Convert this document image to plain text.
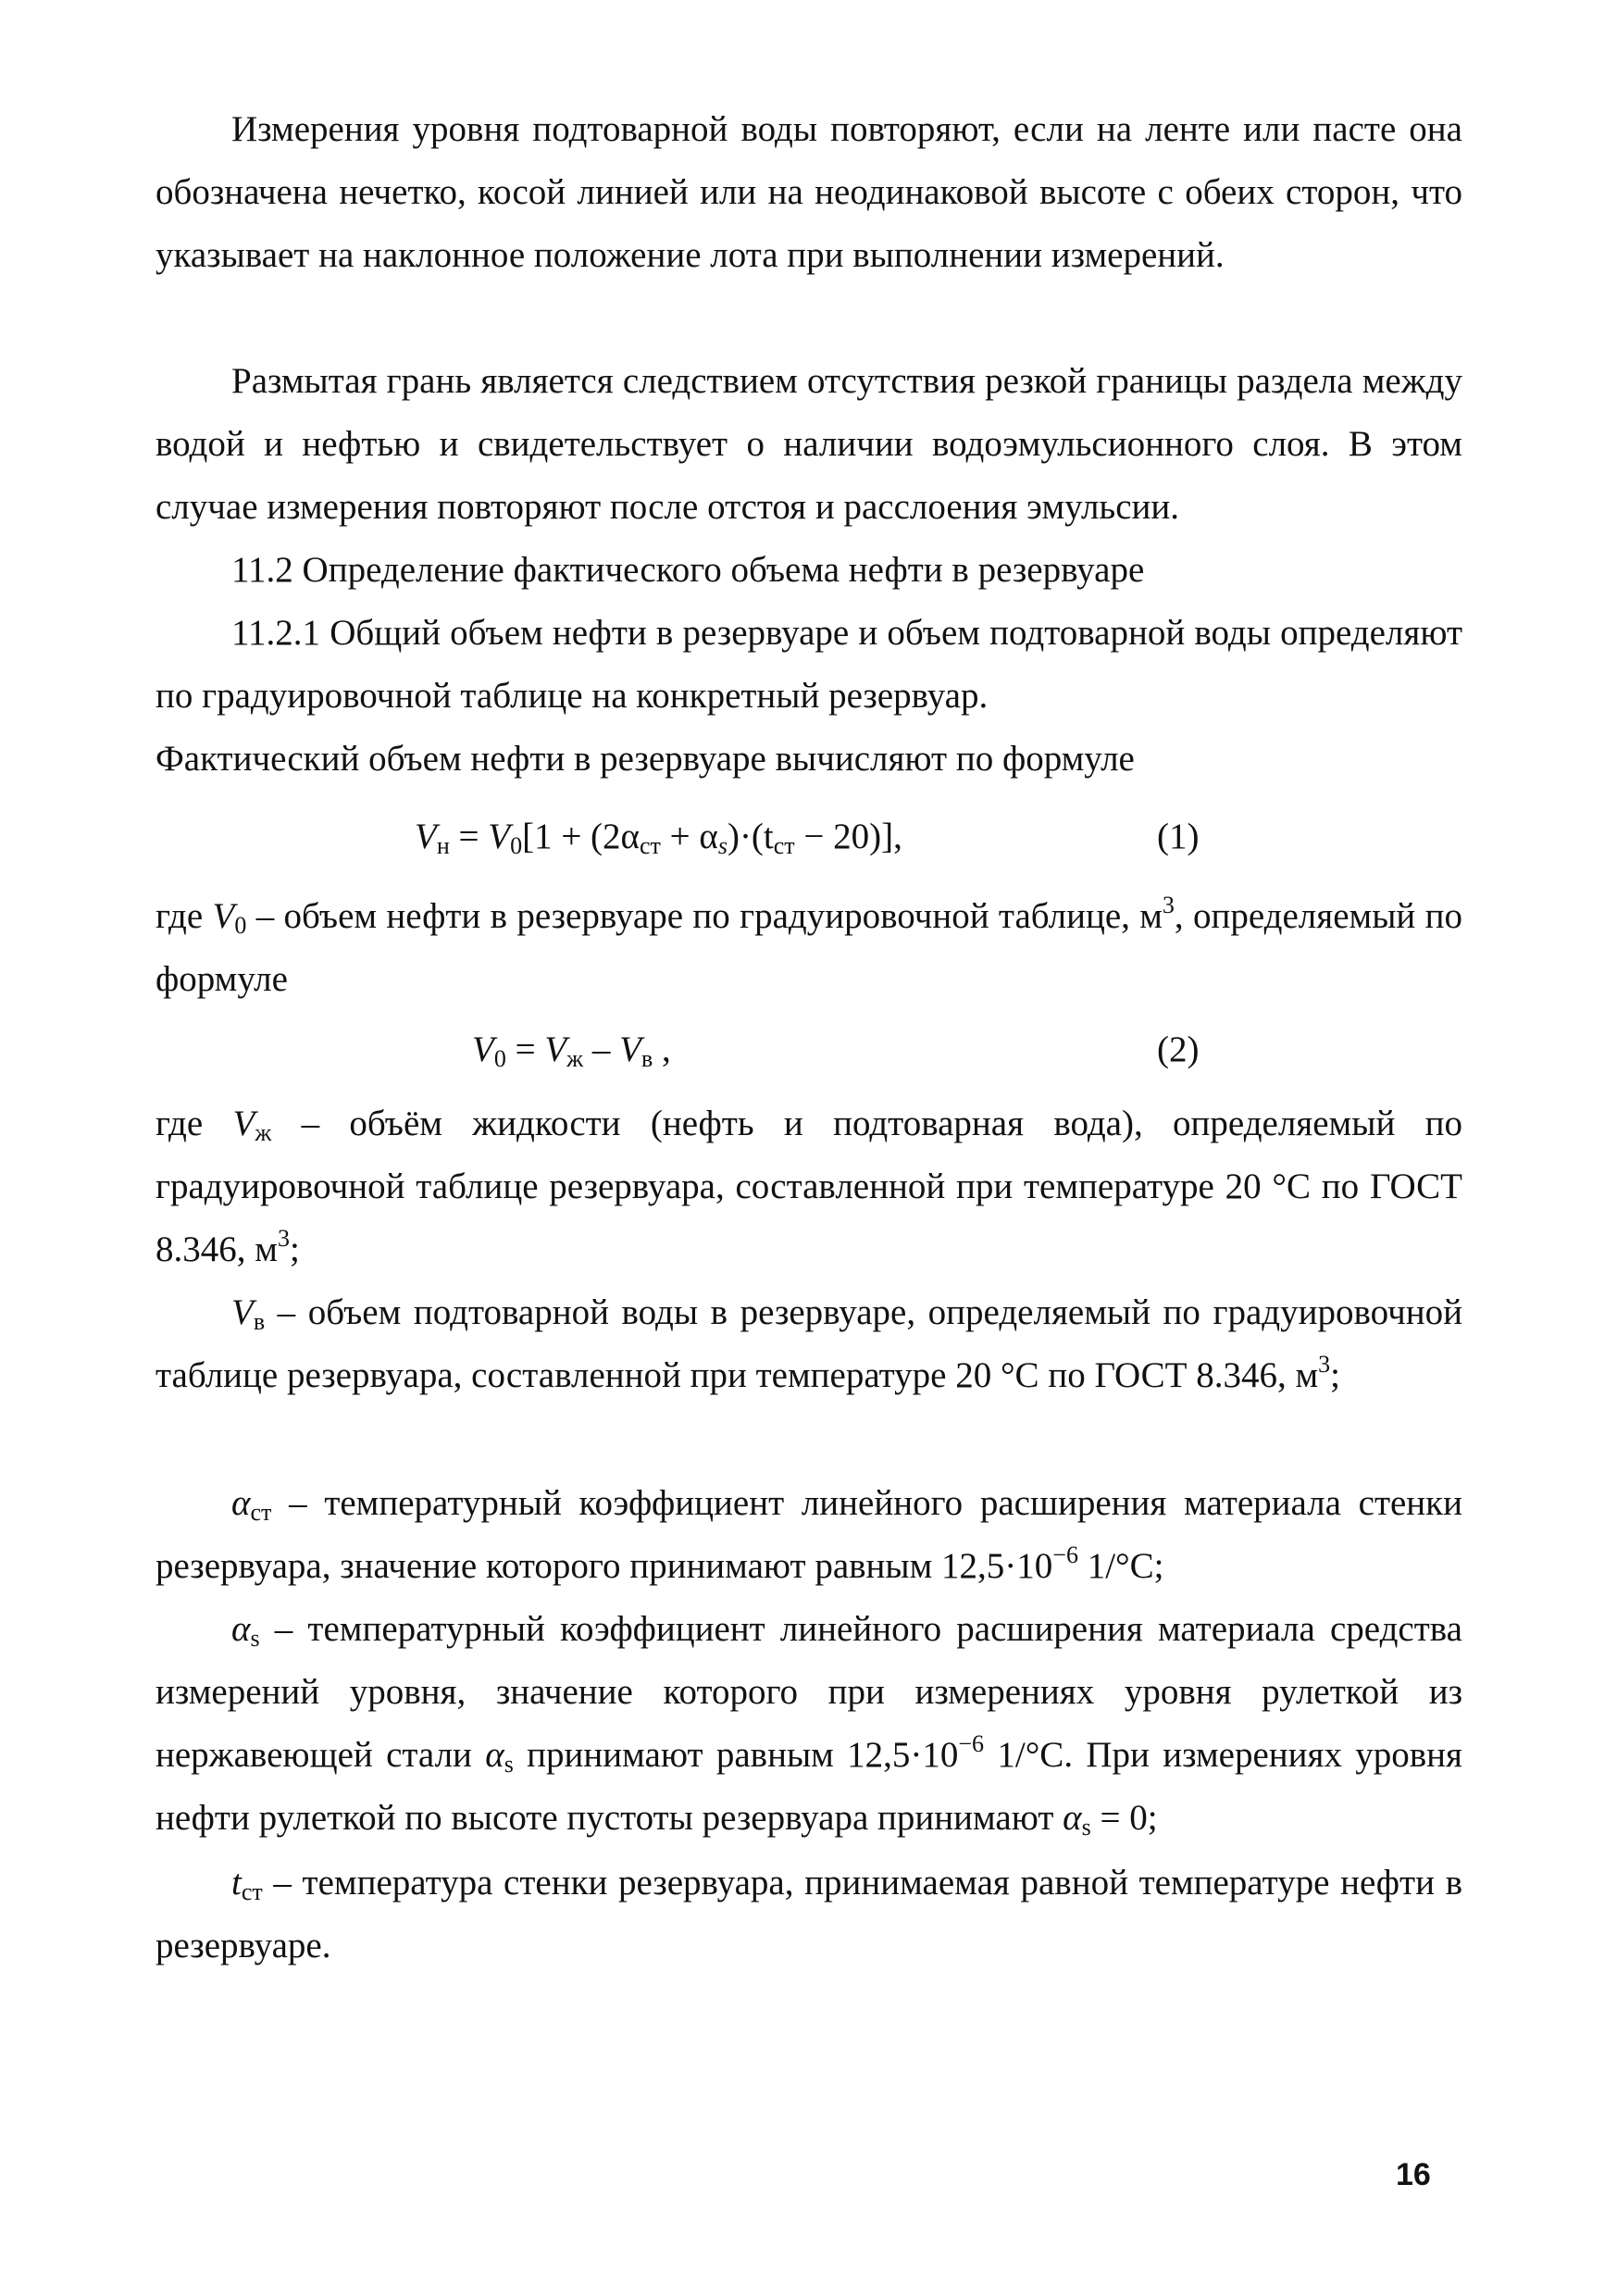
Измерения уровня подтоварной воды повторяют, если на ленте или пасте она обозначена нечетко, косой линией или на неодинаковой высоте с обеих сторон, что указывает на наклонное положение лота при выполнении измерений.

Размытая грань является следствием отсутствия резкой границы раздела между водой и нефтью и свидетельствует о наличии водоэмульсионного слоя. В этом случае измерения повторяют после отстоя и расслоения эмульсии.

11.2 Определение фактического объема нефти в резервуаре

11.2.1 Общий объем нефти в резервуаре и объем подтоварной воды определяют по градуировочной таблице на конкретный резервуар.

Фактический объем нефти в резервуаре вычисляют по формуле
$V_н = V_0[1 + (2\alpha_{ст} + \alpha_s)\cdot(t_{ст} - 20)]$,	(1)

где $V_0$ – объем нефти в резервуаре по градуировочной таблице, $м^3$, определяемый по формуле

$V_0 = V_ж - V_в$ ,	(2)

где $V_ж$ – объём жидкости (нефть и подтоварная вода), определяемый по градуировочной таблице резервуара, составленной при температуре 20 °С по ГОСТ 8.346, $м^3$;

$V_в$ – объем подтоварной воды в резервуаре, определяемый по градуировочной таблице резервуара, составленной при температуре 20 °С по ГОСТ 8.346, $м^3$;

$\alpha_{ст}$ – температурный коэффициент линейного расширения материала стенки резервуара, значение которого принимают равным $12,5\cdot 10^{-6}$ 1/°С;

$\alpha_s$ – температурный коэффициент линейного расширения материала средства измерений уровня, значение которого при измерениях уровня рулеткой из нержавеющей стали $\alpha_s$ принимают равным $12,5\cdot 10^{-6}$ 1/°С. При измерениях уровня нефти рулеткой по высоте пустоты резервуара принимают $\alpha_s = 0$;

$t_{ст}$ – температура стенки резервуара, принимаемая равной температуре нефти в резервуаре.

16
